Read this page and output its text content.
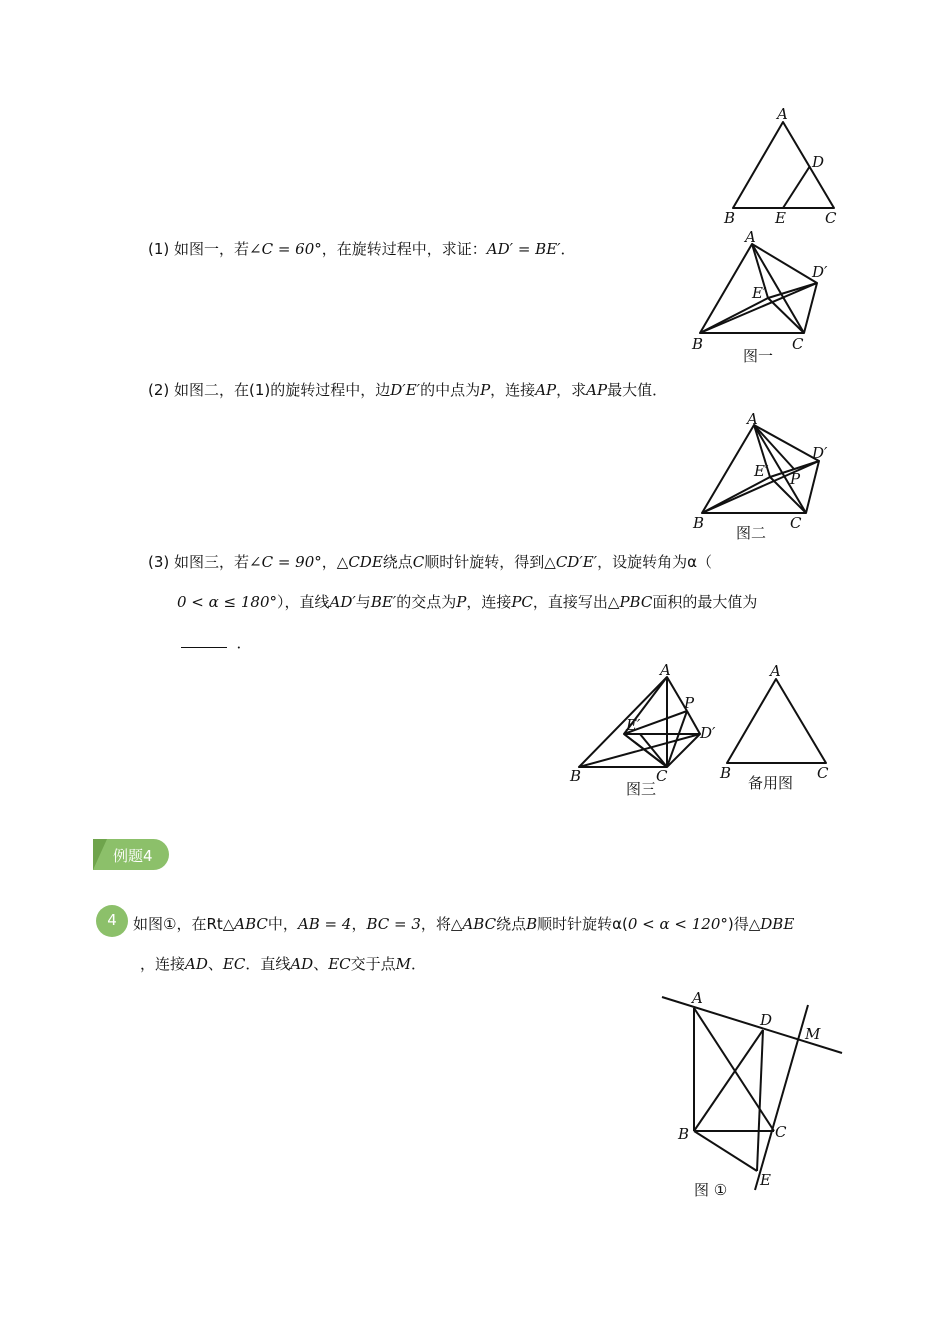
A
D
B	E	C
(1) 如图一，若∠C = 60°，在旋转过程中，求证：AD′ = BE′．
A
D′
E′
B	C
图一
(2) 如图二，在(1)的旋转过程中，边D′E′的中点为P，连接AP，求AP最大值．
A
D′
E′ P
B	C
图二
(3) 如图三，若∠C = 90°，△CDE绕点C顺时针旋转，得到△CD′E′，设旋转角为α（
0 < α ≤ 180°），直线AD′与BE′的交点为P，连接PC，直接写出△PBC面积的最大值为
．
A
P
E′	D′
B	C
图三
A
B	C
备用图
例题4
4	如图①，在Rt△ABC中，AB = 4，BC = 3，将△ABC绕点B顺时针旋转α(0 < α < 120°)得△DBE
，连接AD、EC．直线AD、EC交于点M．
A
D
M
B	C
E
图 ①
